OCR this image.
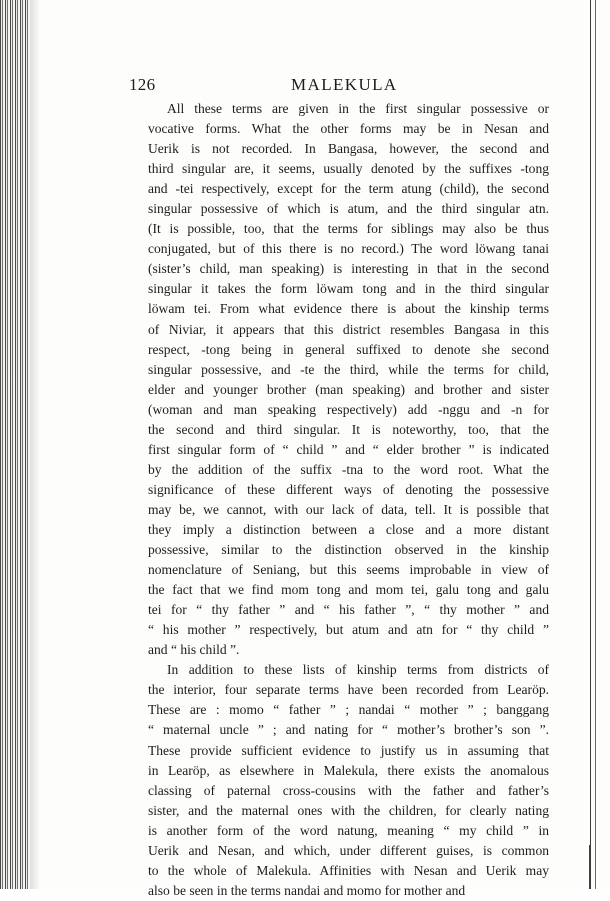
126	MALEKULA
All these terms are given in the first singular possessive or
vocative forms. What the other forms may be in Nesan and
Uerik is not recorded. In Bangasa, however, the second and
third singular are, it seems, usually denoted by the suffixes -tong
and -tei respectively, except for the term atung (child), the second
singular possessive of which is atum, and the third singular atn.
(It is possible, too, that the terms for siblings may also be thus
conjugated, but of this there is no record.) The word löwang tanai
(sister’s child, man speaking) is interesting in that in the second
singular it takes the form löwam tong and in the third singular
löwam tei. From what evidence there is about the kinship terms
of Niviar, it appears that this district resembles Bangasa in this
respect, -tong being in general suffixed to denote she second
singular possessive, and -te the third, while the terms for child,
elder and younger brother (man speaking) and brother and sister
(woman and man speaking respectively) add -nggu and -n for
the second and third singular. It is noteworthy, too, that the
first singular form of “ child ” and “ elder brother ” is indicated
by the addition of the suffix -tna to the word root. What the
significance of these different ways of denoting the possessive
may be, we cannot, with our lack of data, tell. It is possible that
they imply a distinction between a close and a more distant
possessive, similar to the distinction observed in the kinship
nomenclature of Seniang, but this seems improbable in view of
the fact that we find mom tong and mom tei, galu tong and galu
tei for “ thy father ” and “ his father ”, “ thy mother ” and
“ his mother ” respectively, but atum and atn for “ thy child ”
and “ his child ”.
In addition to these lists of kinship terms from districts of
the interior, four separate terms have been recorded from Learöp.
These are : momo “ father ” ; nandai “ mother ” ; banggang
“ maternal uncle ” ; and nating for “ mother’s brother’s son ”.
These provide sufficient evidence to justify us in assuming that
in Learöp, as elsewhere in Malekula, there exists the anomalous
classing of paternal cross-cousins with the father and father’s
sister, and the maternal ones with the children, for clearly nating
is another form of the word natung, meaning “ my child ” in
Uerik and Nesan, and which, under different guises, is common
to the whole of Malekula. Affinities with Nesan and Uerik may
also be seen in the terms nandai and momo for mother and
